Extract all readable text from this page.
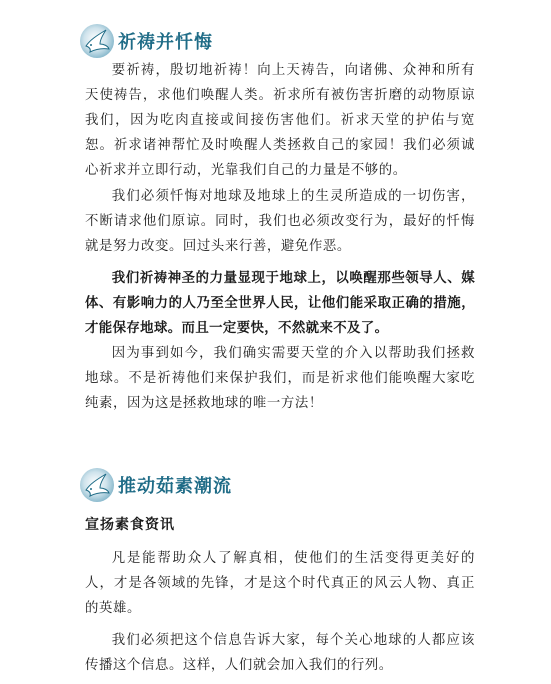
祈祷并忏悔

要祈祷，殷切地祈祷！向上天祷告，向诸佛、众神和所有天使祷告，求他们唤醒人类。祈求所有被伤害折磨的动物原谅我们，因为吃肉直接或间接伤害他们。祈求天堂的护佑与宽恕。祈求诸神帮忙及时唤醒人类拯救自己的家园！我们必须诚心祈求并立即行动，光靠我们自己的力量是不够的。

我们必须忏悔对地球及地球上的生灵所造成的一切伤害，不断请求他们原谅。同时，我们也必须改变行为，最好的忏悔就是努力改变。回过头来行善，避免作恶。

我们祈祷神圣的力量显现于地球上，以唤醒那些领导人、媒体、有影响力的人乃至全世界人民，让他们能采取正确的措施，才能保存地球。而且一定要快，不然就来不及了。

因为事到如今，我们确实需要天堂的介入以帮助我们拯救地球。不是祈祷他们来保护我们，而是祈求他们能唤醒大家吃纯素，因为这是拯救地球的唯一方法！

推动茹素潮流
宣扬素食资讯

凡是能帮助众人了解真相，使他们的生活变得更美好的人，才是各领域的先锋，才是这个时代真正的风云人物、真正的英雄。

我们必须把这个信息告诉大家，每个关心地球的人都应该传播这个信息。这样，人们就会加入我们的行列。
